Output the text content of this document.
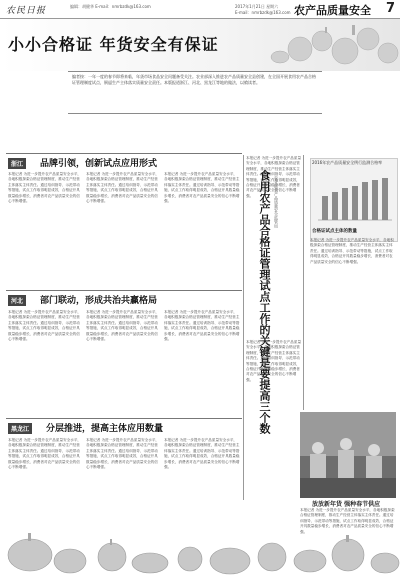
农民日报	编辑：胡健华 E-mail：nmrbzdk@163.com	2017年1月21日 星期六
E-mail：nmrbzdk@163.com 农产品质量安全 7
小小合格证 年货安全有保证
编者按：一年一度的春节即将来临，年货市场食品安全问题备受关注。农业部深入推进农产品质量安全县创建，在全国开展食用农产品合格证管理制度试点，倒逼生产主体落实质量安全责任。本版报道浙江、河北、黑龙江等地的做法，以飨读者。
浙江	品牌引领，创新试点应用形式
本报记者 为进一步提升农产品质量安全水平，各地积极探索合格证管理制度，推动生产经营主体落实主体责任。通过培训指导、示范带动等措施，试点工作取得明显成效，合格证开具数量稳步增长，消费者对农产品质量安全的信心不断增强。
本报记者 为进一步提升农产品质量安全水平，各地积极探索合格证管理制度，推动生产经营主体落实主体责任。通过培训指导、示范带动等措施，试点工作取得明显成效，合格证开具数量稳步增长，消费者对农产品质量安全的信心不断增强。
本报记者 为进一步提升农产品质量安全水平，各地积极探索合格证管理制度，推动生产经营主体落实主体责任。通过培训指导、示范带动等措施，试点工作取得明显成效，合格证开具数量稳步增长，消费者对农产品质量安全的信心不断增强。
河北	部门联动，形成共治共赢格局
本报记者 为进一步提升农产品质量安全水平，各地积极探索合格证管理制度，推动生产经营主体落实主体责任。通过培训指导、示范带动等措施，试点工作取得明显成效，合格证开具数量稳步增长，消费者对农产品质量安全的信心不断增强。
本报记者 为进一步提升农产品质量安全水平，各地积极探索合格证管理制度，推动生产经营主体落实主体责任。通过培训指导、示范带动等措施，试点工作取得明显成效，合格证开具数量稳步增长，消费者对农产品质量安全的信心不断增强。
本报记者 为进一步提升农产品质量安全水平，各地积极探索合格证管理制度，推动生产经营主体落实主体责任。通过培训指导、示范带动等措施，试点工作取得明显成效，合格证开具数量稳步增长，消费者对农产品质量安全的信心不断增强。
黑龙江	分层推进，提高主体应用数量
本报记者 为进一步提升农产品质量安全水平，各地积极探索合格证管理制度，推动生产经营主体落实主体责任。通过培训指导、示范带动等措施，试点工作取得明显成效，合格证开具数量稳步增长，消费者对农产品质量安全的信心不断增强。
本报记者 为进一步提升农产品质量安全水平，各地积极探索合格证管理制度，推动生产经营主体落实主体责任。通过培训指导、示范带动等措施，试点工作取得明显成效，合格证开具数量稳步增长，消费者对农产品质量安全的信心不断增强。
本报记者 为进一步提升农产品质量安全水平，各地积极探索合格证管理制度，推动生产经营主体落实主体责任。通过培训指导、示范带动等措施，试点工作取得明显成效，合格证开具数量稳步增长，消费者对农产品质量安全的信心不断增强。
本报记者 为进一步提升农产品质量安全水平，各地积极探索合格证管理制度，推动生产经营主体落实主体责任。通过培训指导、示范带动等措施，试点工作取得明显成效，合格证开具数量稳步增长，消费者对农产品质量安全的信心不断增强。 食用农产品合格证管理试点工作的关键是要提高三个数 农业部农产品质量安全监管局
本报记者 为进一步提升农产品质量安全水平，各地积极探索合格证管理制度，推动生产经营主体落实主体责任。通过培训指导、示范带动等措施，试点工作取得明显成效，合格证开具数量稳步增长，消费者对农产品质量安全的信心不断增强。
2016年农产品质量安全例行监测合格率
合格证试点主体的数量
本报记者 为进一步提升农产品质量安全水平，各地积极探索合格证管理制度，推动生产经营主体落实主体责任。通过培训指导、示范带动等措施，试点工作取得明显成效，合格证开具数量稳步增长，消费者对农产品质量安全的信心不断增强。
放放新年货 强种春节供应
本报记者 为进一步提升农产品质量安全水平，各地积极探索合格证管理制度，推动生产经营主体落实主体责任。通过培训指导、示范带动等措施，试点工作取得明显成效，合格证开具数量稳步增长，消费者对农产品质量安全的信心不断增强。
